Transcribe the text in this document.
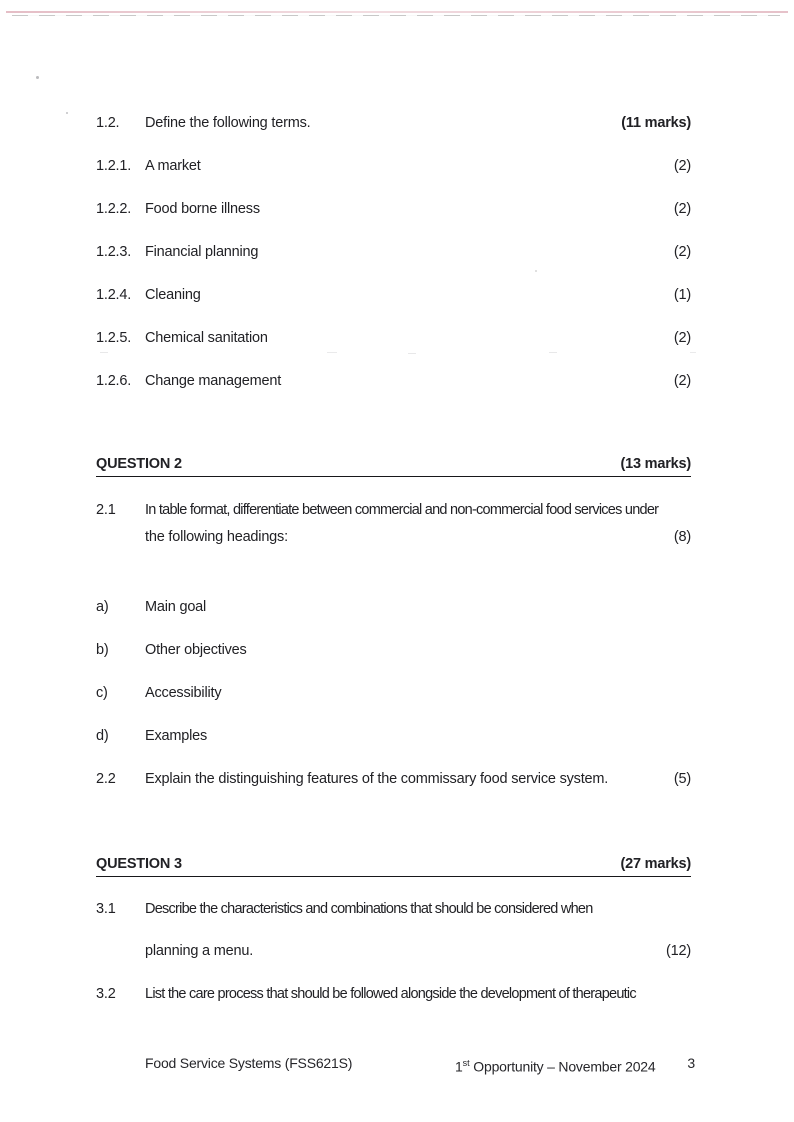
1.2.	Define the following terms.	(11 marks)
1.2.1. A market	(2)
1.2.2. Food borne illness	(2)
1.2.3. Financial planning	(2)
1.2.4. Cleaning	(1)
1.2.5. Chemical sanitation	(2)
1.2.6. Change management	(2)
QUESTION 2	(13 marks)
2.1	In table format, differentiate between commercial and non-commercial food services under
the following headings:	(8)
a)	Main goal
b)	Other objectives
c)	Accessibility
d)	Examples
2.2	Explain the distinguishing features of the commissary food service system.	(5)
QUESTION 3	(27 marks)
3.1	Describe the characteristics and combinations that should be considered when
planning a menu.	(12)
3.2	List the care process that should be followed alongside the development of therapeutic
Food Service Systems (FSS621S)	1st Opportunity – November 2024	3
